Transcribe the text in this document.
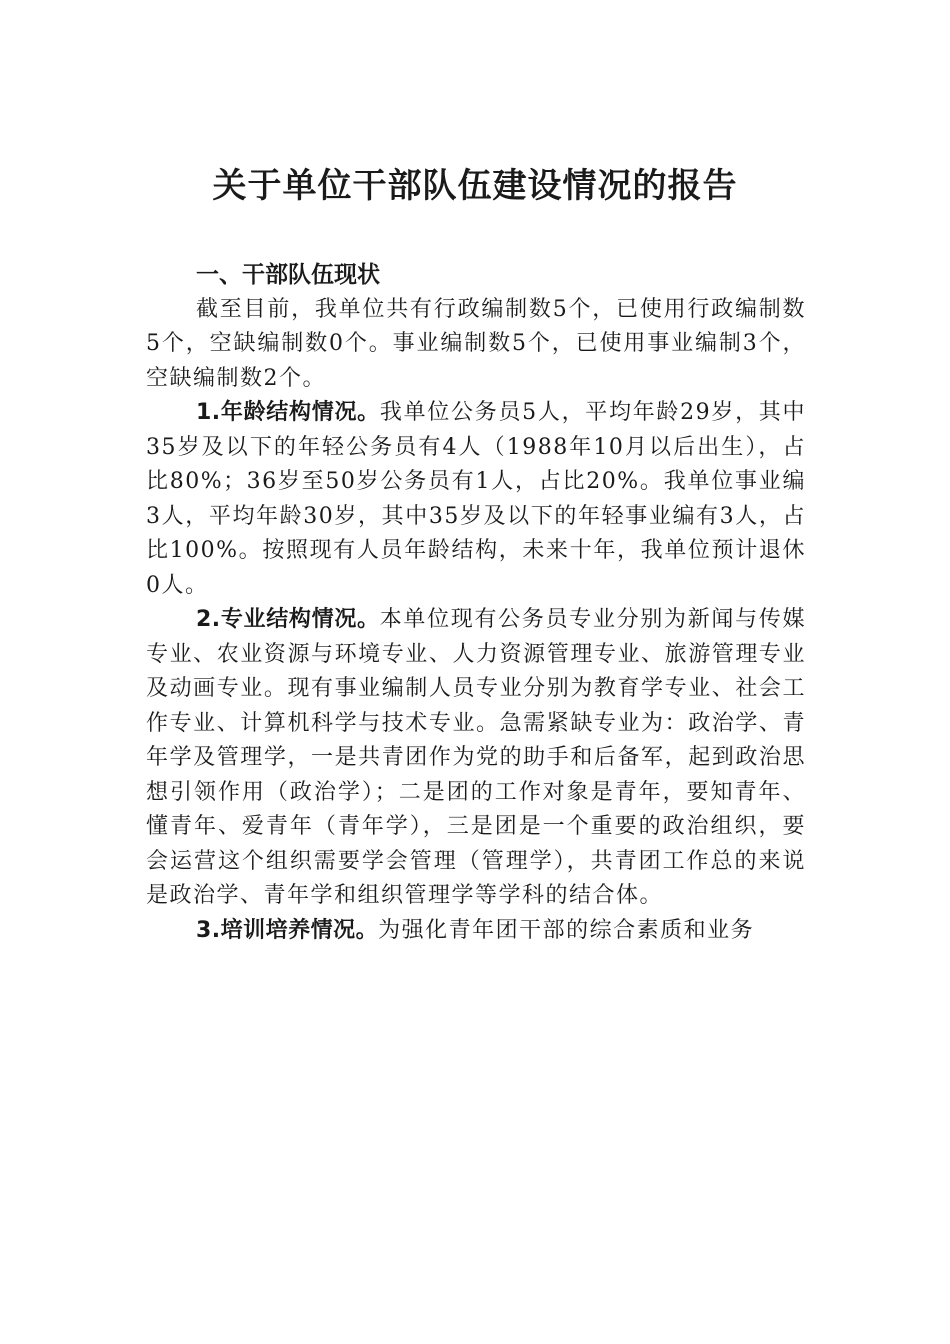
关于单位干部队伍建设情况的报告
一、干部队伍现状

截至目前，我单位共有行政编制数5个，已使用行政编制数5个，空缺编制数0个。事业编制数5个，已使用事业编制3个，空缺编制数2个。

1.年龄结构情况。我单位公务员5人，平均年龄29岁，其中35岁及以下的年轻公务员有4人（1988年10月以后出生），占比80%；36岁至50岁公务员有1人，占比20%。我单位事业编3人，平均年龄30岁，其中35岁及以下的年轻事业编有3人，占比100%。按照现有人员年龄结构，未来十年，我单位预计退休0人。

2.专业结构情况。本单位现有公务员专业分别为新闻与传媒专业、农业资源与环境专业、人力资源管理专业、旅游管理专业及动画专业。现有事业编制人员专业分别为教育学专业、社会工作专业、计算机科学与技术专业。急需紧缺专业为：政治学、青年学及管理学，一是共青团作为党的助手和后备军，起到政治思想引领作用（政治学）；二是团的工作对象是青年，要知青年、懂青年、爱青年（青年学），三是团是一个重要的政治组织，要会运营这个组织需要学会管理（管理学），共青团工作总的来说是政治学、青年学和组织管理学等学科的结合体。

3.培训培养情况。为强化青年团干部的综合素质和业务
